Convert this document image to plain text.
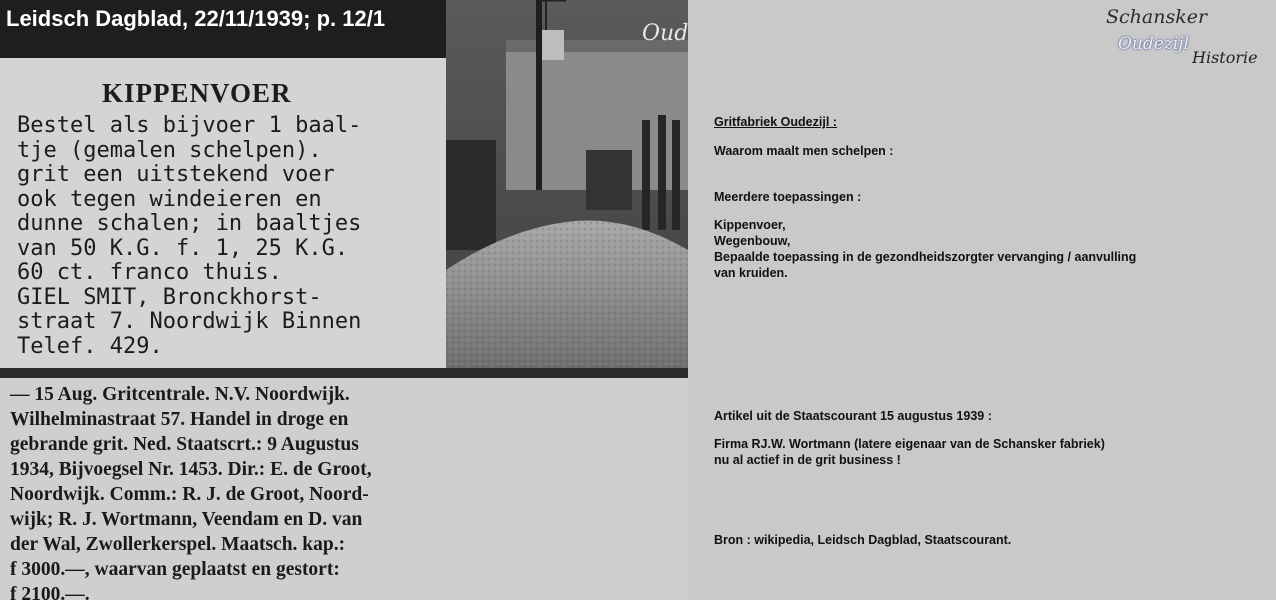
Leidsch Dagblad, 22/11/1939; p. 12/1
KIPPENVOER
Bestel als bijvoer 1 baal-
tje (gemalen schelpen).
grit een uitstekend voer
ook tegen windeieren en
dunne schalen; in baaltjes
van 50 K.G. f. 1, 25 K.G.
60 ct. franco thuis.
GIEL SMIT, Bronckhorst-
straat 7. Noordwijk Binnen
Telef. 429.
Oud
— 15 Aug. Gritcentrale. N.V. Noordwijk.
Wilhelminastraat 57. Handel in droge en
gebrande grit. Ned. Staatscrt.: 9 Augustus
1934, Bijvoegsel Nr. 1453. Dir.: E. de Groot,
Noordwijk. Comm.: R. J. de Groot, Noord-
wijk; R. J. Wortmann, Veendam en D. van
der Wal, Zwollerkerspel. Maatsch. kap.:
f 3000.—, waarvan geplaatst en gestort:
f 2100.—.
Schansker
Oudezijl
Historie
Gritfabriek Oudezijl :
Waarom maalt men schelpen :
Meerdere toepassingen :
Kippenvoer,
Wegenbouw,
Bepaalde toepassing in de gezondheidszorgter vervanging / aanvulling
van kruiden.
Artikel uit de Staatscourant 15 augustus 1939 :
Firma RJ.W. Wortmann (latere eigenaar van de Schansker fabriek)
nu al actief in de grit business !
Bron : wikipedia, Leidsch Dagblad, Staatscourant.
